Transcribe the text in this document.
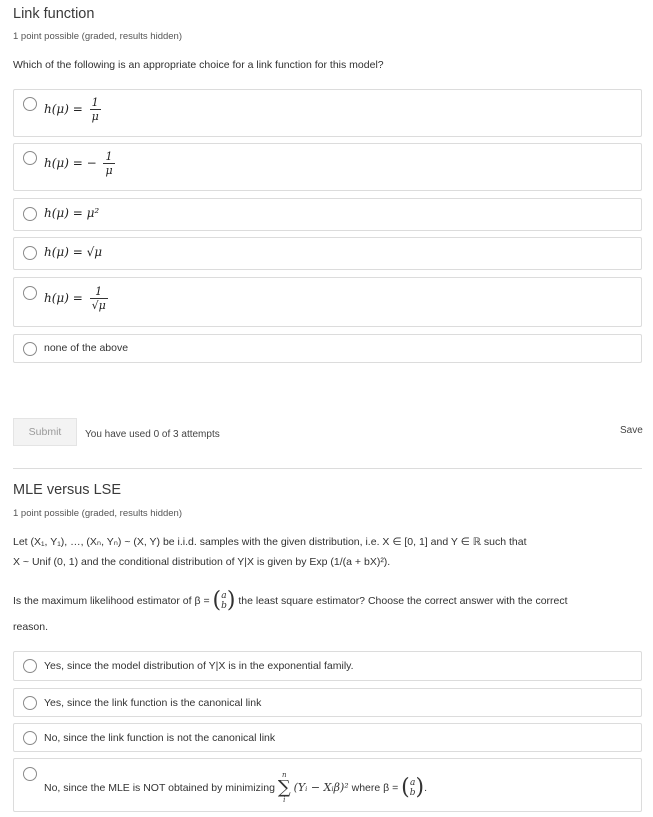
Link function
1 point possible (graded, results hidden)
Which of the following is an appropriate choice for a link function for this model?
$h(\mu) = \frac{1}{\mu}$
h(μ) = − $\frac{1}{\mu}$
h(μ) = μ²
h(μ) = √μ
$h(\mu) = \frac{1}{√\mu}$
none of the above
Submit	You have used 0 of 3 attempts	Save
MLE versus LSE
1 point possible (graded, results hidden)
Let (X₁, Y₁), …, (Xₙ, Yₙ) ~ (X, Y) be i.i.d. samples with the given distribution, i.e. X ∈ [0, 1] and Y ∈ ℝ such that
X ~ Unif (0, 1) and the conditional distribution of Y|X is given by Exp (1/(a + bX)²).
Is the maximum likelihood estimator of β = ( a
b ) the least square estimator? Choose the correct answer with the correct
reason.
Yes, since the model distribution of Y|X is in the exponential family.
Yes, since the link function is the canonical link
No, since the link function is not the canonical link
No, since the MLE is NOT obtained by minimizing
n
∑
i
(Yᵢ − Xᵢβ)² where β = ( a
b ).
